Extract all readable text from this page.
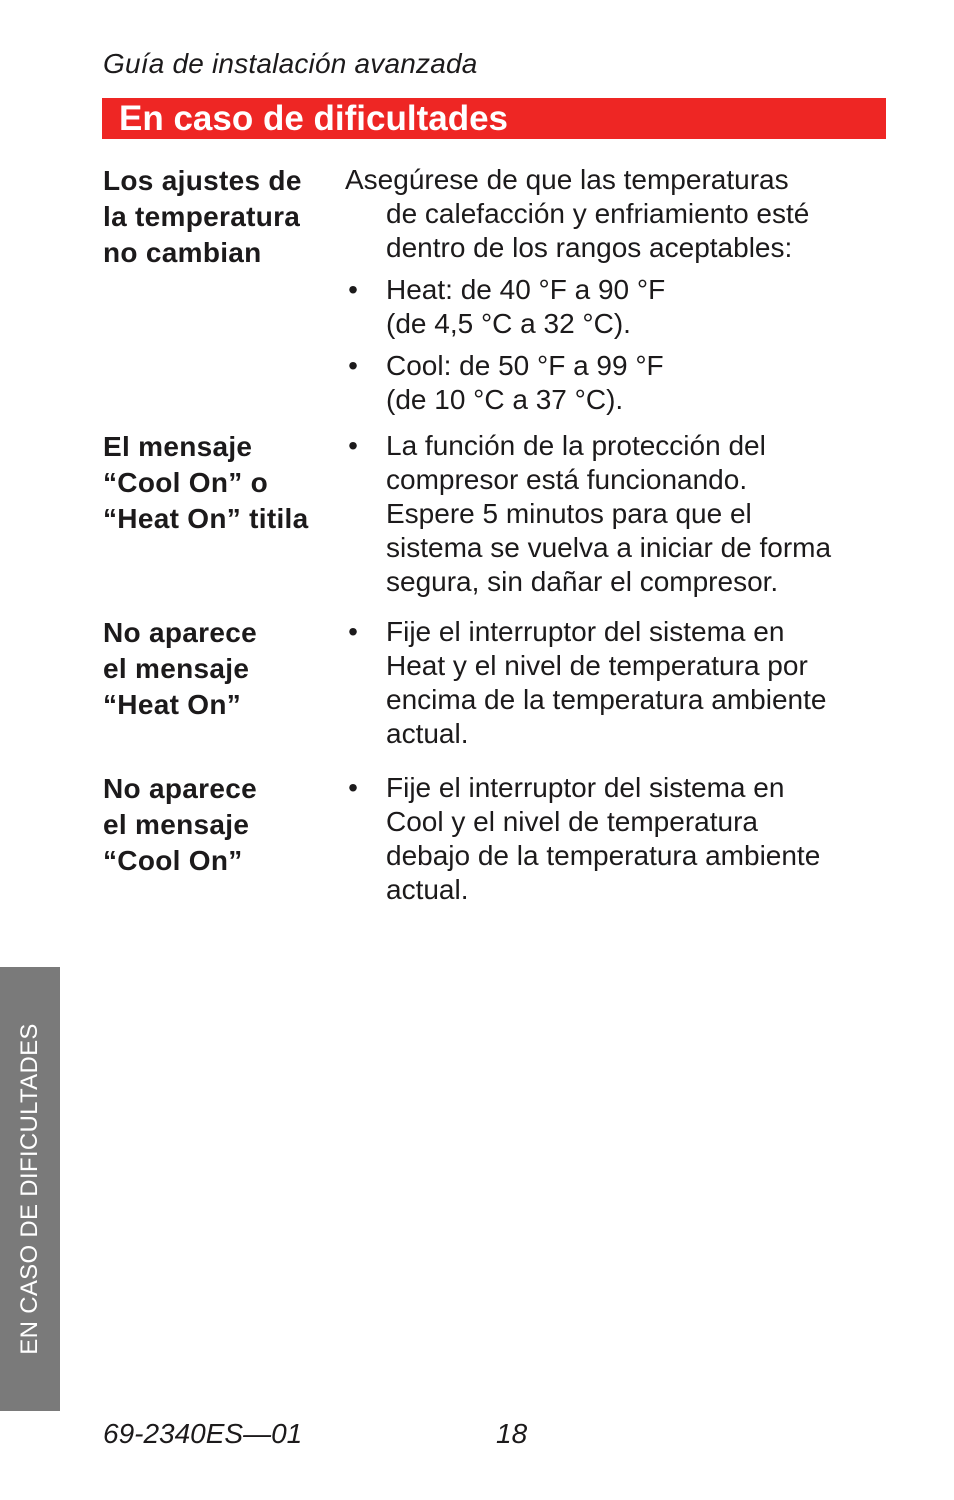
Guía de instalación avanzada
En caso de dificultades
Los ajustes de
la temperatura
no cambian
Asegúrese de que las temperaturas
de calefacción y enfriamiento esté
dentro de los rangos aceptables:
• Heat: de 40 °F a 90 °F
(de 4,5 °C a 32 °C).
• Cool: de 50 °F a 99 °F
(de 10 °C a 37 °C).
El mensaje
“Cool On” o
“Heat On” titila
• La función de la protección del
compresor está funcionando.
Espere 5 minutos para que el
sistema se vuelva a iniciar de forma
segura, sin dañar el compresor.
No aparece
el mensaje
“Heat On”
• Fije el interruptor del sistema en
Heat y el nivel de temperatura por
encima de la temperatura ambiente
actual.
No aparece
el mensaje
“Cool On”
• Fije el interruptor del sistema en
Cool y el nivel de temperatura
debajo de la temperatura ambiente
actual.
EN CASO DE DIFICULTADES
69-2340ES—01	18
